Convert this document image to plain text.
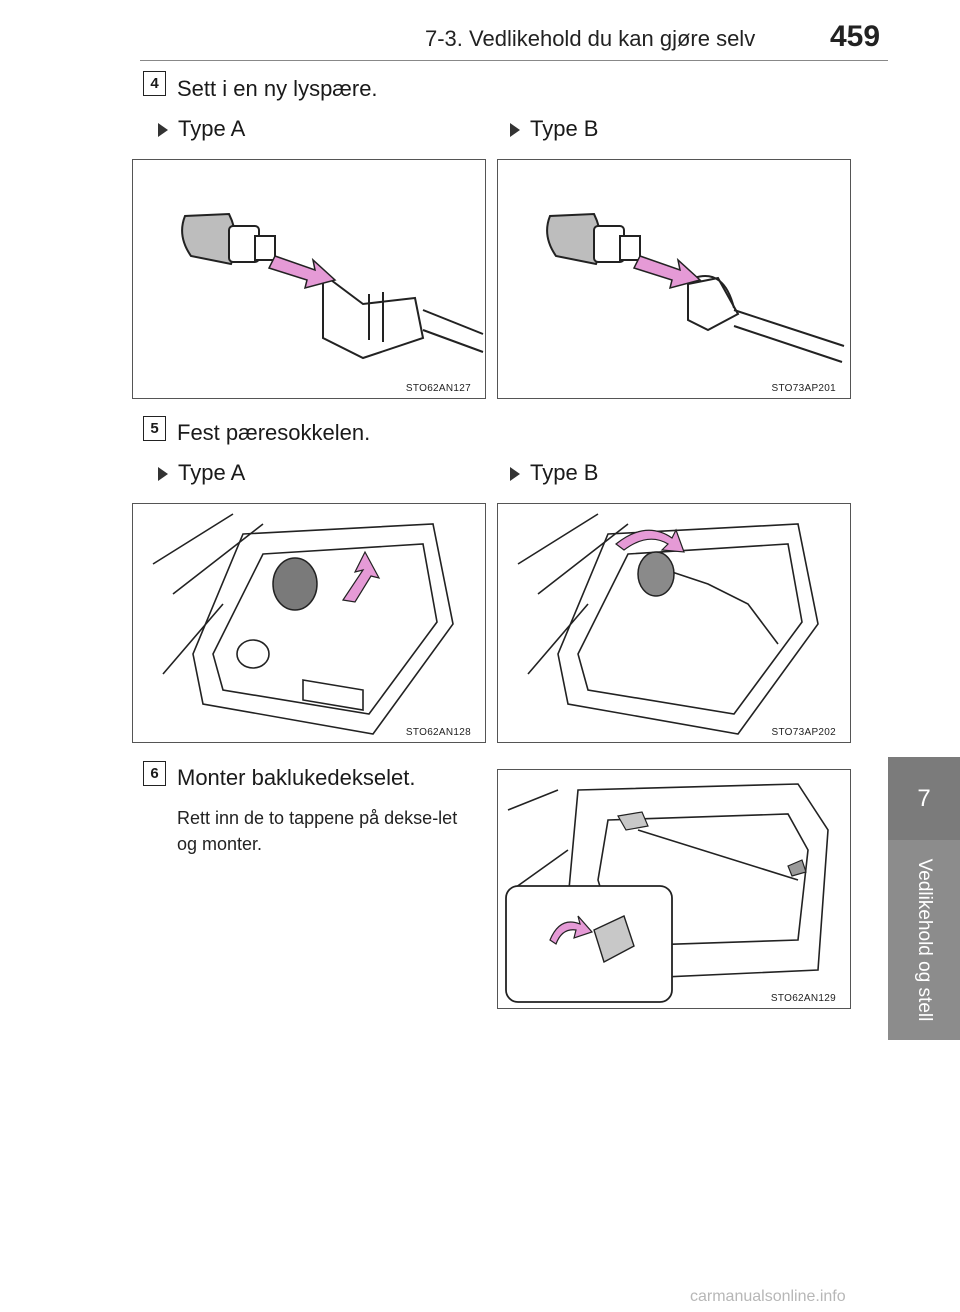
7-3. Vedlikehold du kan gjøre selv 459
7
Vedlikehold og stell
4 Sett i en ny lyspære.
Type A	Type B
STO62AN127	STO73AP201
5 Fest pæresokkelen.
Type A	Type B
STO62AN128	STO73AP202
6 Monter baklukedekselet.
Rett inn de to tappene på dekse-let og monter.
STO62AN129
carmanualsonline.info
